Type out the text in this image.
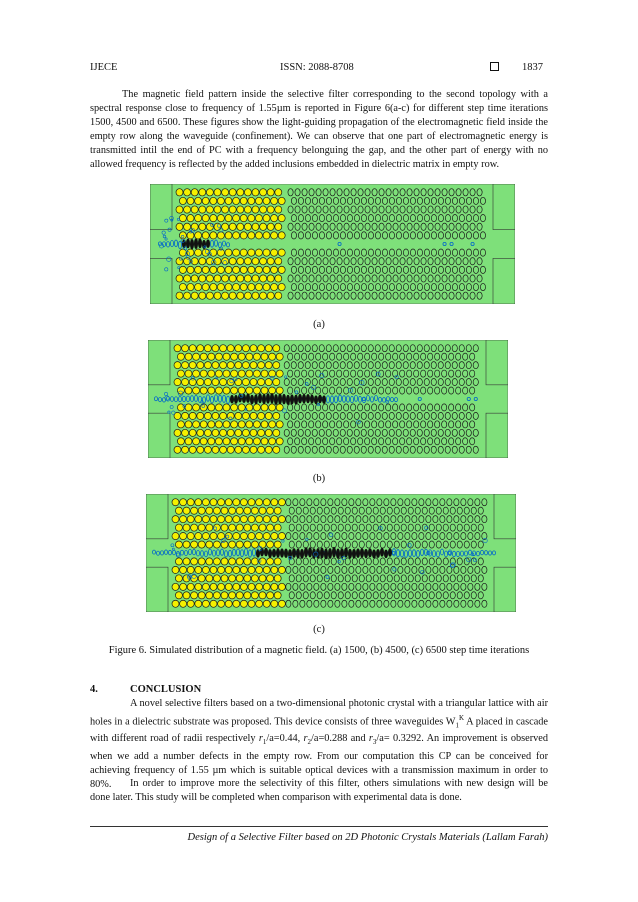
IJECE	ISSN: 2088-8708	1837
The magnetic field pattern inside the selective filter corresponding to the second topology with a spectral response close to frequency of 1.55µm is reported in Figure 6(a-c) for different step time iterations 1500, 4500 and 6500. These figures show the light-guiding propagation of the electromagnetic field inside the empty row along the waveguide (confinement). We can observe that one part of electromagnetic energy is transmitted intil the end of PC with a frequency belonguing the gap, and the other part of energy with no allowed frequency is reflected by the added inclusions embedded in dielectric matrix in empty row.
(a)
(b)
(c)
Figure 6. Simulated distribution of a magnetic field. (a) 1500, (b) 4500, (c) 6500 step time iterations
4.	CONCLUSION
A novel selective filters based on a two-dimensional photonic crystal with a triangular lattice with air holes in a dielectric substrate was proposed. This device consists of three waveguides $W_1^K$ A placed in cascade with different road of radii respectively $r_1/a=0.44$, $r_2/a=0.288$ and $r_3/a= 0.3292$. An improvement is observed when we add a number defects in the empty row. From our computation this CP can be conceived for achieving frequency of 1.55 µm which is suitable optical devices with a transmission maximum in order to 80%.	In order to improve more the selectivity of this filter, others simulations with new design will be done later. This study will be completed when comparison with experimental data is done.
Design of a Selective Filter based on 2D Photonic Crystals Materials (Lallam Farah)
